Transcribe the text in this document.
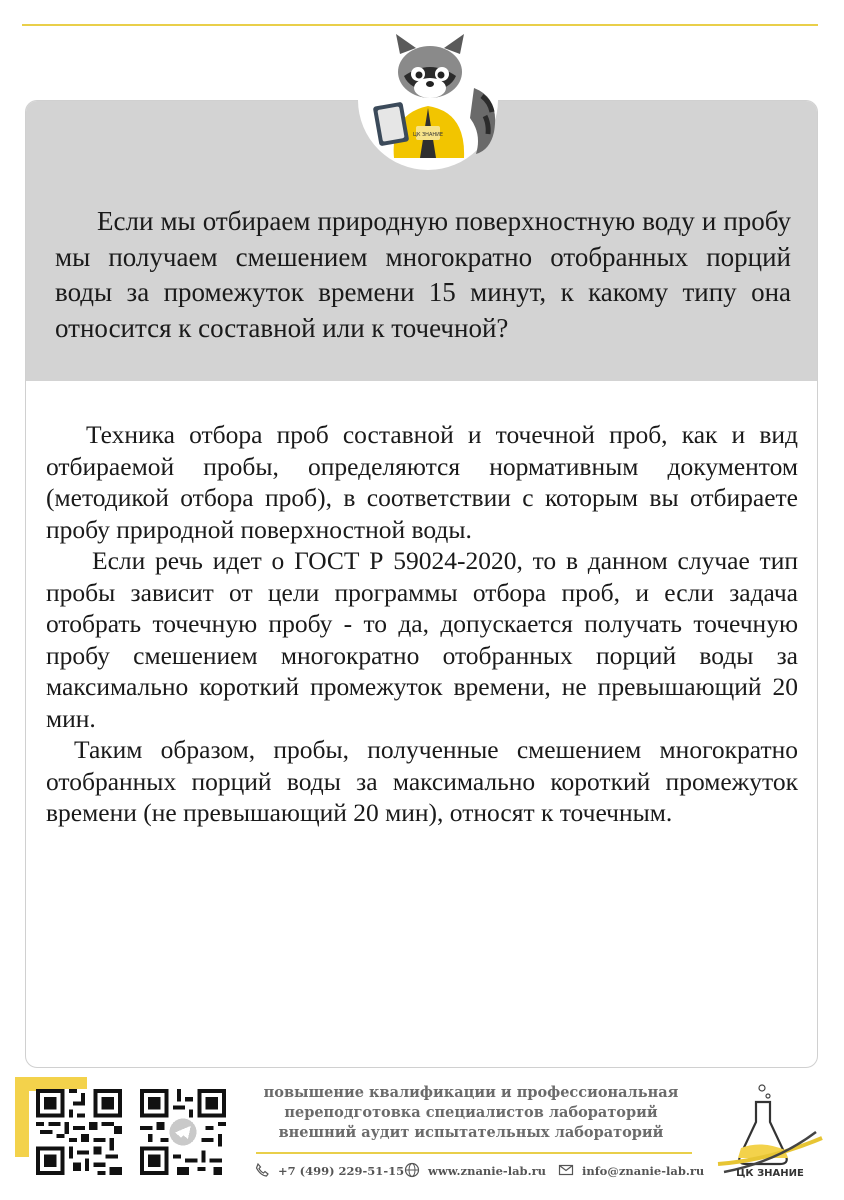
Если мы отбираем природную поверхностную воду и пробу мы получаем смешением многократно отобранных порций воды за промежуток времени 15 минут, к какому типу она относится к составной или к точечной?

Техника отбора проб составной и точечной проб, как и вид отбираемой пробы, определяются нормативным документом (методикой отбора проб), в соответствии с которым вы отбираете пробу природной поверхностной воды.

Если речь идет о ГОСТ Р 59024-2020, то в данном случае тип пробы зависит от цели программы отбора проб, и если задача отобрать точечную пробу - то да, допускается получать точечную пробу смешением многократно отобранных порций воды за максимально короткий промежуток времени, не превышающий 20 мин.

Таким образом, пробы, полученные смешением многократно отобранных порций воды за максимально короткий промежуток времени (не превышающий 20 мин), относят к точечным.

ЦК ЗНАНИЕ
повышение квалификации и профессиональная
переподготовка специалистов лабораторий
внешний аудит испытательных лабораторий
+7 (499) 229-51-15 www.znanie-lab.ru	info@znanie-lab.ru	ЦК ЗНАНИЕ
